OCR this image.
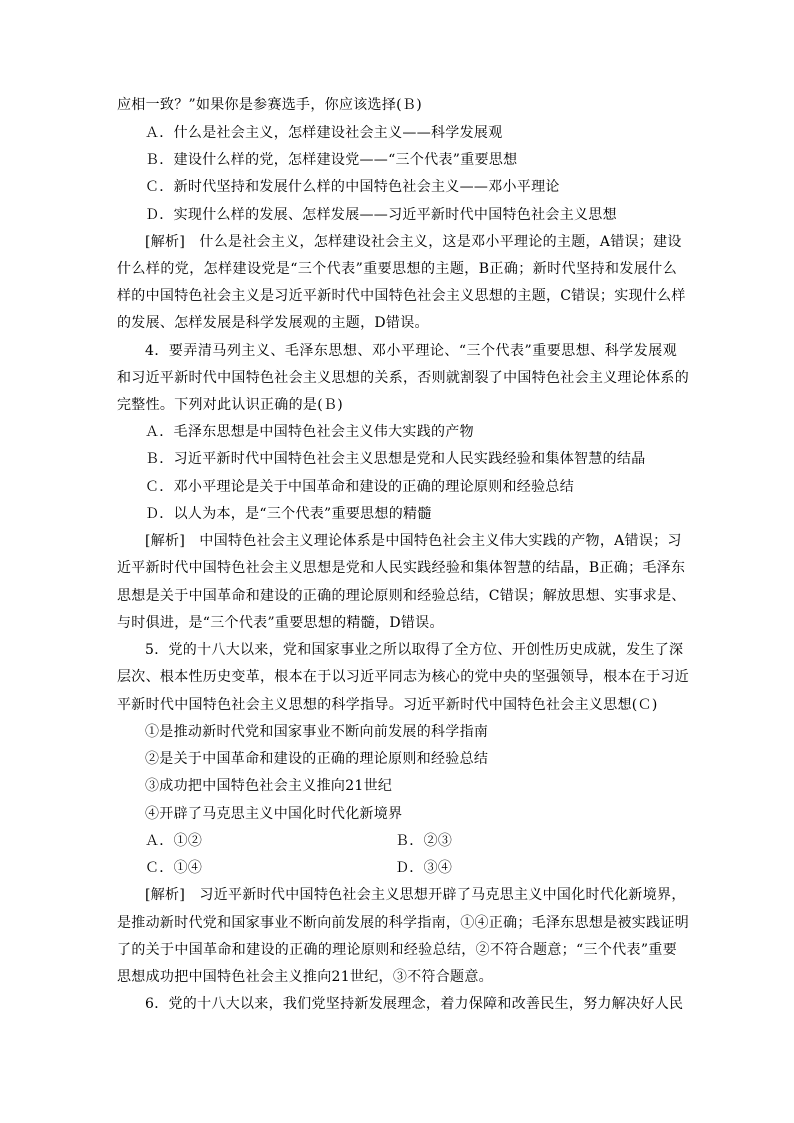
应相一致？”如果你是参赛选手，你应该选择(Ｂ)
Ａ．什么是社会主义，怎样建设社会主义——科学发展观
Ｂ．建设什么样的党，怎样建设党——“三个代表”重要思想
Ｃ．新时代坚持和发展什么样的中国特色社会主义——邓小平理论
Ｄ．实现什么样的发展、怎样发展——习近平新时代中国特色社会主义思想
[解析]　什么是社会主义，怎样建设社会主义，这是邓小平理论的主题，A错误；建设
什么样的党，怎样建设党是“三个代表”重要思想的主题，B正确；新时代坚持和发展什么
样的中国特色社会主义是习近平新时代中国特色社会主义思想的主题，C错误；实现什么样
的发展、怎样发展是科学发展观的主题，D错误。
4．要弄清马列主义、毛泽东思想、邓小平理论、“三个代表”重要思想、科学发展观
和习近平新时代中国特色社会主义思想的关系，否则就割裂了中国特色社会主义理论体系的
完整性。下列对此认识正确的是(Ｂ)
Ａ．毛泽东思想是中国特色社会主义伟大实践的产物
Ｂ．习近平新时代中国特色社会主义思想是党和人民实践经验和集体智慧的结晶
Ｃ．邓小平理论是关于中国革命和建设的正确的理论原则和经验总结
Ｄ．以人为本，是“三个代表”重要思想的精髓
[解析]　中国特色社会主义理论体系是中国特色社会主义伟大实践的产物，A错误；习
近平新时代中国特色社会主义思想是党和人民实践经验和集体智慧的结晶，B正确；毛泽东
思想是关于中国革命和建设的正确的理论原则和经验总结，C错误；解放思想、实事求是、
与时俱进，是“三个代表”重要思想的精髓，D错误。
5．党的十八大以来，党和国家事业之所以取得了全方位、开创性历史成就，发生了深
层次、根本性历史变革，根本在于以习近平同志为核心的党中央的坚强领导，根本在于习近
平新时代中国特色社会主义思想的科学指导。习近平新时代中国特色社会主义思想(Ｃ)
①是推动新时代党和国家事业不断向前发展的科学指南
②是关于中国革命和建设的正确的理论原则和经验总结
③成功把中国特色社会主义推向21世纪
④开辟了马克思主义中国化时代化新境界
Ａ．①②	Ｂ．②③
Ｃ．①④	Ｄ．③④
[解析]　习近平新时代中国特色社会主义思想开辟了马克思主义中国化时代化新境界，
是推动新时代党和国家事业不断向前发展的科学指南，①④正确；毛泽东思想是被实践证明
了的关于中国革命和建设的正确的理论原则和经验总结，②不符合题意；“三个代表”重要
思想成功把中国特色社会主义推向21世纪，③不符合题意。
6．党的十八大以来，我们党坚持新发展理念，着力保障和改善民生，努力解决好人民
